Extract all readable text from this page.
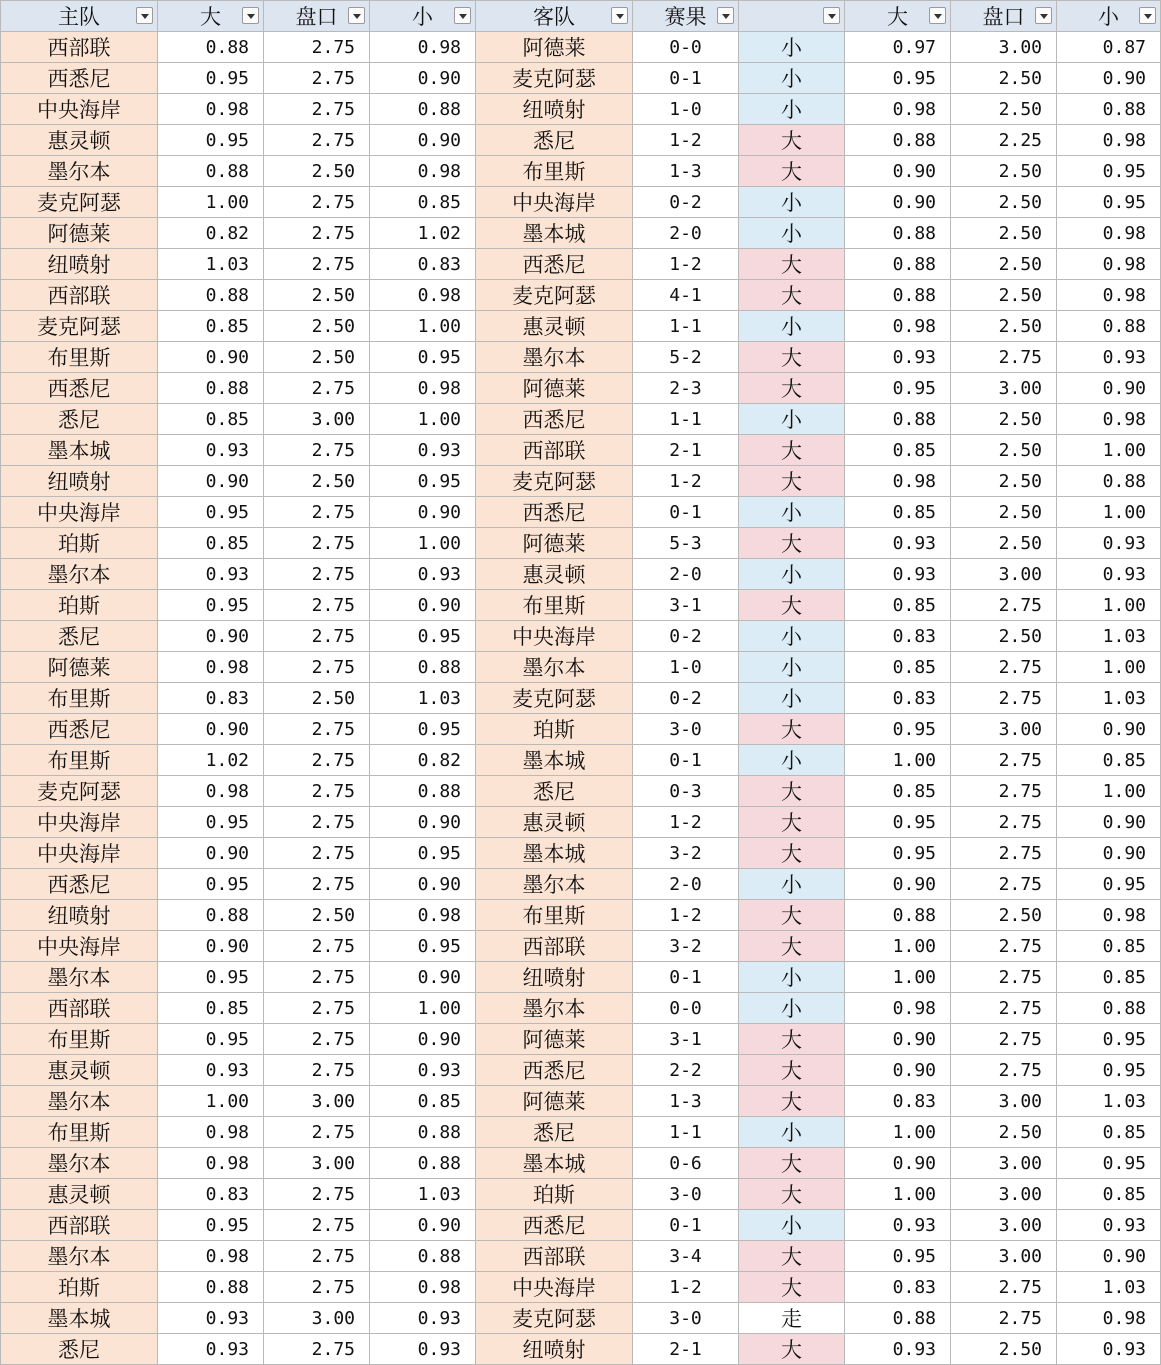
主队	大	盘口	小	客队	赛果		大	盘口	小

西部联	0.88	2.75	0.98	阿德莱	0-0	小	0.97	3.00	0.87
西悉尼	0.95	2.75	0.90	麦克阿瑟	0-1	小	0.95	2.50	0.90
中央海岸	0.98	2.75	0.88	纽喷射	1-0	小	0.98	2.50	0.88
惠灵顿	0.95	2.75	0.90	悉尼	1-2	大	0.88	2.25	0.98
墨尔本	0.88	2.50	0.98	布里斯	1-3	大	0.90	2.50	0.95
麦克阿瑟	1.00	2.75	0.85	中央海岸	0-2	小	0.90	2.50	0.95
阿德莱	0.82	2.75	1.02	墨本城	2-0	小	0.88	2.50	0.98
纽喷射	1.03	2.75	0.83	西悉尼	1-2	大	0.88	2.50	0.98
西部联	0.88	2.50	0.98	麦克阿瑟	4-1	大	0.88	2.50	0.98
麦克阿瑟	0.85	2.50	1.00	惠灵顿	1-1	小	0.98	2.50	0.88
布里斯	0.90	2.50	0.95	墨尔本	5-2	大	0.93	2.75	0.93
西悉尼	0.88	2.75	0.98	阿德莱	2-3	大	0.95	3.00	0.90
悉尼	0.85	3.00	1.00	西悉尼	1-1	小	0.88	2.50	0.98
墨本城	0.93	2.75	0.93	西部联	2-1	大	0.85	2.50	1.00
纽喷射	0.90	2.50	0.95	麦克阿瑟	1-2	大	0.98	2.50	0.88
中央海岸	0.95	2.75	0.90	西悉尼	0-1	小	0.85	2.50	1.00
珀斯	0.85	2.75	1.00	阿德莱	5-3	大	0.93	2.50	0.93
墨尔本	0.93	2.75	0.93	惠灵顿	2-0	小	0.93	3.00	0.93
珀斯	0.95	2.75	0.90	布里斯	3-1	大	0.85	2.75	1.00
悉尼	0.90	2.75	0.95	中央海岸	0-2	小	0.83	2.50	1.03
阿德莱	0.98	2.75	0.88	墨尔本	1-0	小	0.85	2.75	1.00
布里斯	0.83	2.50	1.03	麦克阿瑟	0-2	小	0.83	2.75	1.03
西悉尼	0.90	2.75	0.95	珀斯	3-0	大	0.95	3.00	0.90
布里斯	1.02	2.75	0.82	墨本城	0-1	小	1.00	2.75	0.85
麦克阿瑟	0.98	2.75	0.88	悉尼	0-3	大	0.85	2.75	1.00
中央海岸	0.95	2.75	0.90	惠灵顿	1-2	大	0.95	2.75	0.90
中央海岸	0.90	2.75	0.95	墨本城	3-2	大	0.95	2.75	0.90
西悉尼	0.95	2.75	0.90	墨尔本	2-0	小	0.90	2.75	0.95
纽喷射	0.88	2.50	0.98	布里斯	1-2	大	0.88	2.50	0.98
中央海岸	0.90	2.75	0.95	西部联	3-2	大	1.00	2.75	0.85
墨尔本	0.95	2.75	0.90	纽喷射	0-1	小	1.00	2.75	0.85
西部联	0.85	2.75	1.00	墨尔本	0-0	小	0.98	2.75	0.88
布里斯	0.95	2.75	0.90	阿德莱	3-1	大	0.90	2.75	0.95
惠灵顿	0.93	2.75	0.93	西悉尼	2-2	大	0.90	2.75	0.95
墨尔本	1.00	3.00	0.85	阿德莱	1-3	大	0.83	3.00	1.03
布里斯	0.98	2.75	0.88	悉尼	1-1	小	1.00	2.50	0.85
墨尔本	0.98	3.00	0.88	墨本城	0-6	大	0.90	3.00	0.95
惠灵顿	0.83	2.75	1.03	珀斯	3-0	大	1.00	3.00	0.85
西部联	0.95	2.75	0.90	西悉尼	0-1	小	0.93	3.00	0.93
墨尔本	0.98	2.75	0.88	西部联	3-4	大	0.95	3.00	0.90
珀斯	0.88	2.75	0.98	中央海岸	1-2	大	0.83	2.75	1.03
墨本城	0.93	3.00	0.93	麦克阿瑟	3-0	走	0.88	2.75	0.98
悉尼	0.93	2.75	0.93	纽喷射	2-1	大	0.93	2.50	0.93
